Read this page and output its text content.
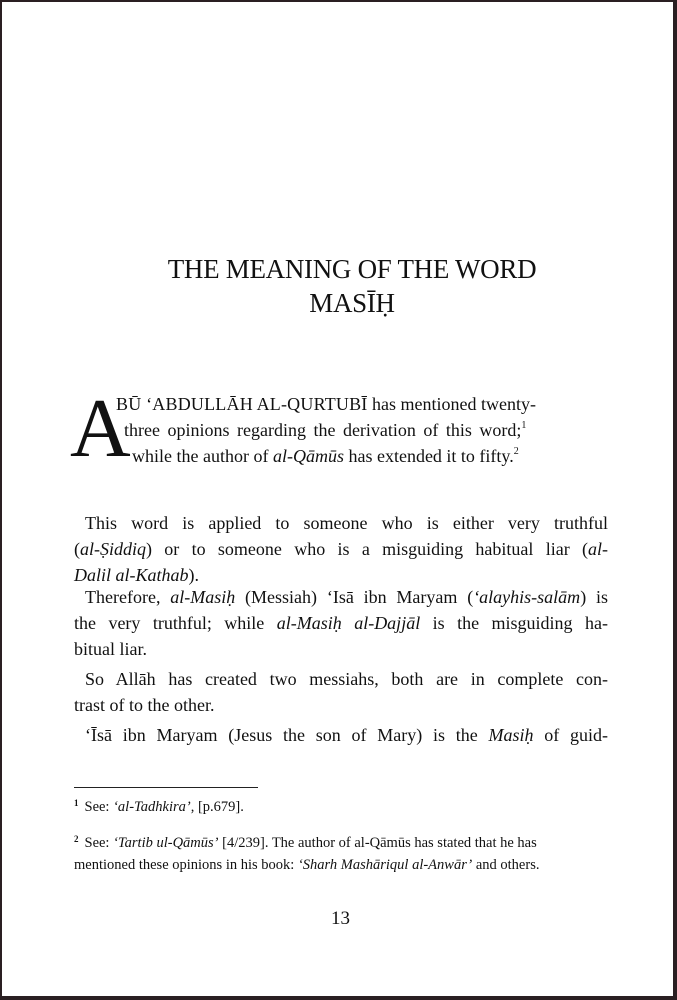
THE MEANING OF THE WORD
MASĪḤ
A
BŪ ‘ABDULLĀH AL-QURTUBĪ has mentioned twenty-
three opinions regarding the derivation of this word;$^1$
while the author of al-Qāmūs has extended it to fifty.$^2$
This word is applied to someone who is either very truthful
(al-Ṣiddiq) or to someone who is a misguiding habitual liar (al-
Dalil al-Kathab).
Therefore, al-Masiḥ (Messiah) ‘Isā ibn Maryam (‘alayhis-salām) is
the very truthful; while al-Masiḥ al-Dajjāl is the misguiding ha-
bitual liar.
So Allāh has created two messiahs, both are in complete con-
trast of to the other.
‘Īsā ibn Maryam (Jesus the son of Mary) is the Masiḥ of guid-
$^1$ See: ‘al-Tadhkira’, [p.679].
$^2$ See: ‘Tartib ul-Qāmūs’ [4/239]. The author of al-Qāmūs has stated that he has
mentioned these opinions in his book: ‘Sharh Mashāriqul al-Anwār’ and others.
13
